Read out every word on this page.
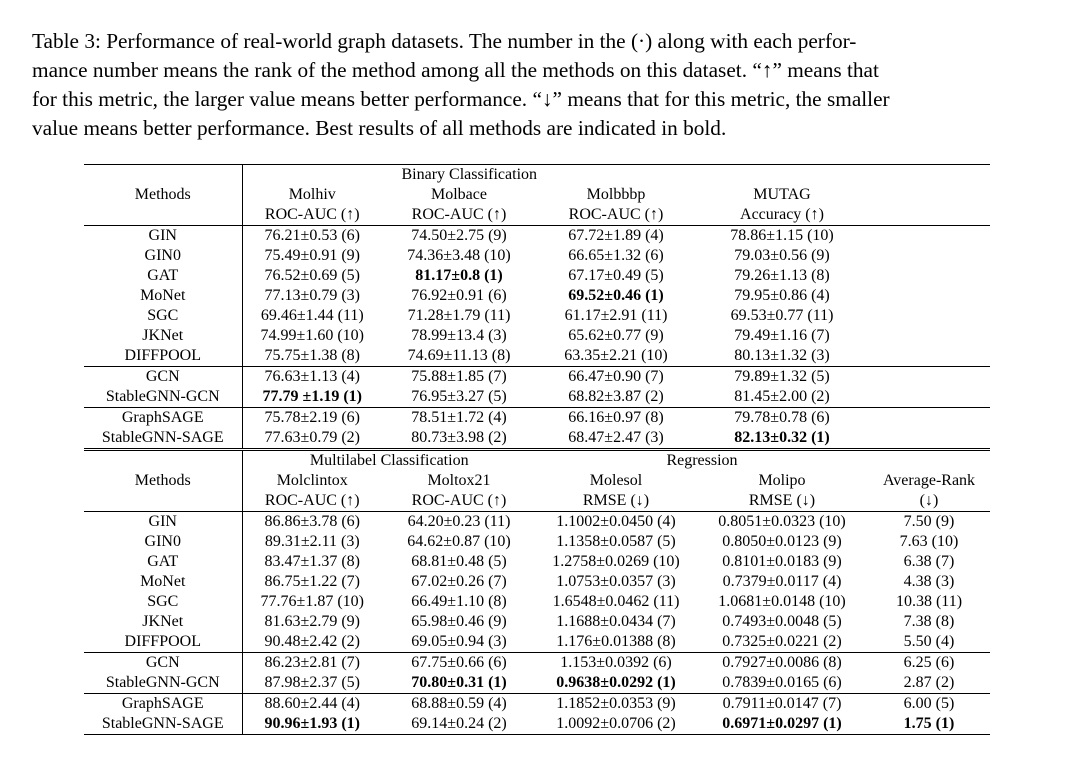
Table 3: Performance of real-world graph datasets. The number in the (·) along with each perfor-
mance number means the rank of the method among all the methods on this dataset. “↑” means that
for this metric, the larger value means better performance. “↓” means that for this metric, the smaller
value means better performance. Best results of all methods are indicated in bold.
	Binary Classification				
Methods	Molhiv	Molbace	Molbbbp	MUTAG	
	ROC-AUC (↑)	ROC-AUC (↑)	ROC-AUC (↑)	Accuracy (↑)	
GIN	76.21±0.53 (6)	74.50±2.75 (9)	67.72±1.89 (4)	78.86±1.15 (10)	
GIN0	75.49±0.91 (9)	74.36±3.48 (10)	66.65±1.32 (6)	79.03±0.56 (9)	
GAT	76.52±0.69 (5)	81.17±0.8 (1)	67.17±0.49 (5)	79.26±1.13 (8)	
MoNet	77.13±0.79 (3)	76.92±0.91 (6)	69.52±0.46 (1)	79.95±0.86 (4)	
SGC	69.46±1.44 (11)	71.28±1.79 (11)	61.17±2.91 (11)	69.53±0.77 (11)	
JKNet	74.99±1.60 (10)	78.99±13.4 (3)	65.62±0.77 (9)	79.49±1.16 (7)	
DIFFPOOL	75.75±1.38 (8)	74.69±11.13 (8)	63.35±2.21 (10)	80.13±1.32 (3)	
GCN	76.63±1.13 (4)	75.88±1.85 (7)	66.47±0.90 (7)	79.89±1.32 (5)	
StableGNN-GCN	77.79 ±1.19 (1)	76.95±3.27 (5)	68.82±3.87 (2)	81.45±2.00 (2)	
GraphSAGE	75.78±2.19 (6)	78.51±1.72 (4)	66.16±0.97 (8)	79.78±0.78 (6)	
StableGNN-SAGE	77.63±0.79 (2)	80.73±3.98 (2)	68.47±2.47 (3)	82.13±0.32 (1)	
	Multilabel Classification		Regression		
Methods	Molclintox	Moltox21	Molesol	Molipo	Average-Rank
	ROC-AUC (↑)	ROC-AUC (↑)	RMSE (↓)	RMSE (↓)	(↓)
GIN	86.86±3.78 (6)	64.20±0.23 (11)	1.1002±0.0450 (4)	0.8051±0.0323 (10)	7.50 (9)
GIN0	89.31±2.11 (3)	64.62±0.87 (10)	1.1358±0.0587 (5)	0.8050±0.0123 (9)	7.63 (10)
GAT	83.47±1.37 (8)	68.81±0.48 (5)	1.2758±0.0269 (10)	0.8101±0.0183 (9)	6.38 (7)
MoNet	86.75±1.22 (7)	67.02±0.26 (7)	1.0753±0.0357 (3)	0.7379±0.0117 (4)	4.38 (3)
SGC	77.76±1.87 (10)	66.49±1.10 (8)	1.6548±0.0462 (11)	1.0681±0.0148 (10)	10.38 (11)
JKNet	81.63±2.79 (9)	65.98±0.46 (9)	1.1688±0.0434 (7)	0.7493±0.0048 (5)	7.38 (8)
DIFFPOOL	90.48±2.42 (2)	69.05±0.94 (3)	1.176±0.01388 (8)	0.7325±0.0221 (2)	5.50 (4)
GCN	86.23±2.81 (7)	67.75±0.66 (6)	1.153±0.0392 (6)	0.7927±0.0086 (8)	6.25 (6)
StableGNN-GCN	87.98±2.37 (5)	70.80±0.31 (1)	0.9638±0.0292 (1)	0.7839±0.0165 (6)	2.87 (2)
GraphSAGE	88.60±2.44 (4)	68.88±0.59 (4)	1.1852±0.0353 (9)	0.7911±0.0147 (7)	6.00 (5)
StableGNN-SAGE	90.96±1.93 (1)	69.14±0.24 (2)	1.0092±0.0706 (2)	0.6971±0.0297 (1)	1.75 (1)
